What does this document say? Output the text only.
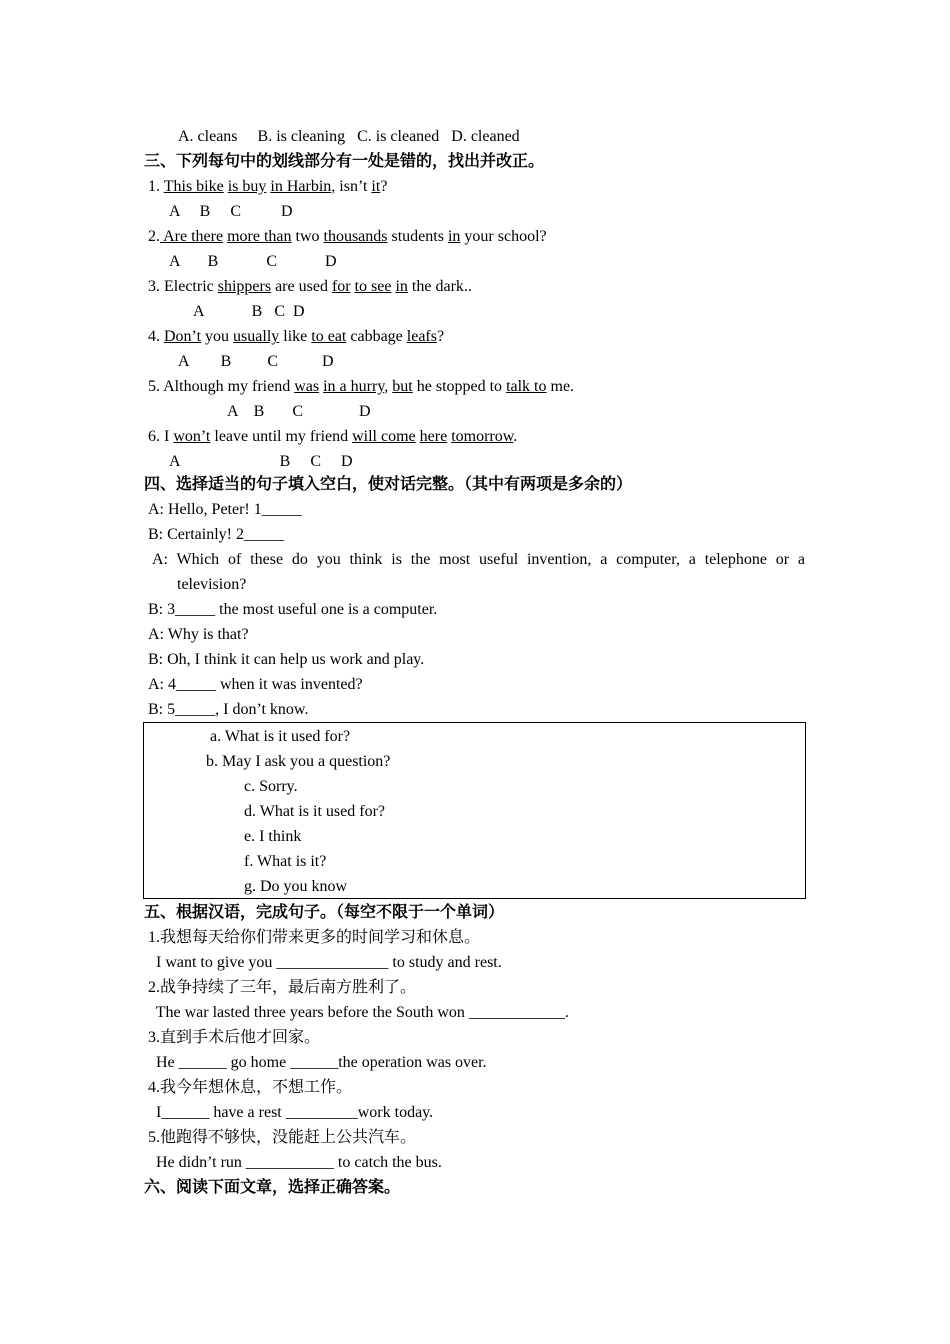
A. cleans     B. is cleaning   C. is cleaned   D. cleaned
三、下列每句中的划线部分有一处是错的，找出并改正。
1. This bike is buy in Harbin, isn’t it?
A     B     C          D
2. Are there more than two thousands students in your school?
A       B            C            D
3. Electric shippers are used for to see in the dark..
A            B   C  D
4. Don’t you usually like to eat cabbage leafs?
A        B         C           D
5. Although my friend was in a hurry, but he stopped to talk to me.
A    B       C              D
6. I won’t leave until my friend will come here tomorrow.
A                         B     C     D
四、选择适当的句子填入空白，使对话完整。（其中有两项是多余的）
A: Hello, Peter! 1_____
B: Certainly! 2_____
A: Which of these do you think is the most useful invention, a computer, a telephone or a
television?
B: 3_____ the most useful one is a computer.
A: Why is that?
B: Oh, I think it can help us work and play.
A: 4_____ when it was invented?
B: 5_____, I don’t know.
a. What is it used for?
b. May I ask you a question?
c. Sorry.
d. What is it used for?
e. I think
f. What is it?
g. Do you know
五、根据汉语，完成句子。（每空不限于一个单词）
1.我想每天给你们带来更多的时间学习和休息。
I want to give you ______________ to study and rest.
2.战争持续了三年，最后南方胜利了。
The war lasted three years before the South won ____________.
3.直到手术后他才回家。
He ______ go home ______the operation was over.
4.我今年想休息，不想工作。
I______ have a rest _________work today.
5.他跑得不够快，没能赶上公共汽车。
He didn’t run ___________ to catch the bus.
六、阅读下面文章，选择正确答案。
